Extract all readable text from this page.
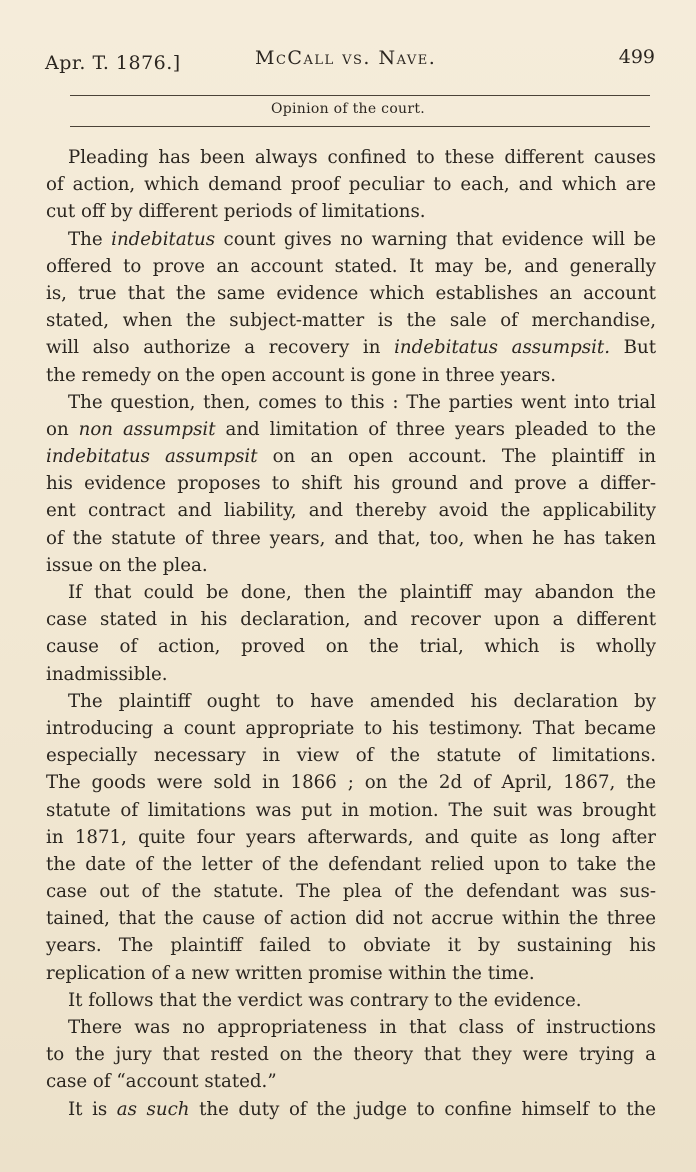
Apr. T. 1876.]	McCall vs. Nave.	499
Opinion of the court.
Pleading has been always confined to these different causes
of action, which demand proof peculiar to each, and which are
cut off by different periods of limitations.
The indebitatus count gives no warning that evidence will be
offered to prove an account stated. It may be, and generally
is, true that the same evidence which establishes an account
stated, when the subject-matter is the sale of merchandise,
will also authorize a recovery in indebitatus assumpsit. But
the remedy on the open account is gone in three years.
The question, then, comes to this : The parties went into trial
on non assumpsit and limitation of three years pleaded to the
indebitatus assumpsit on an open account. The plaintiff in
his evidence proposes to shift his ground and prove a differ-
ent contract and liability, and thereby avoid the applicability
of the statute of three years, and that, too, when he has taken
issue on the plea.
If that could be done, then the plaintiff may abandon the
case stated in his declaration, and recover upon a different
cause of action, proved on the trial, which is wholly
inadmissible.
The plaintiff ought to have amended his declaration by
introducing a count appropriate to his testimony. That became
especially necessary in view of the statute of limitations.
The goods were sold in 1866 ; on the 2d of April, 1867, the
statute of limitations was put in motion. The suit was brought
in 1871, quite four years afterwards, and quite as long after
the date of the letter of the defendant relied upon to take the
case out of the statute. The plea of the defendant was sus-
tained, that the cause of action did not accrue within the three
years. The plaintiff failed to obviate it by sustaining his
replication of a new written promise within the time.
It follows that the verdict was contrary to the evidence.
There was no appropriateness in that class of instructions
to the jury that rested on the theory that they were trying a
case of “account stated.”
It is as such the duty of the judge to confine himself to the
